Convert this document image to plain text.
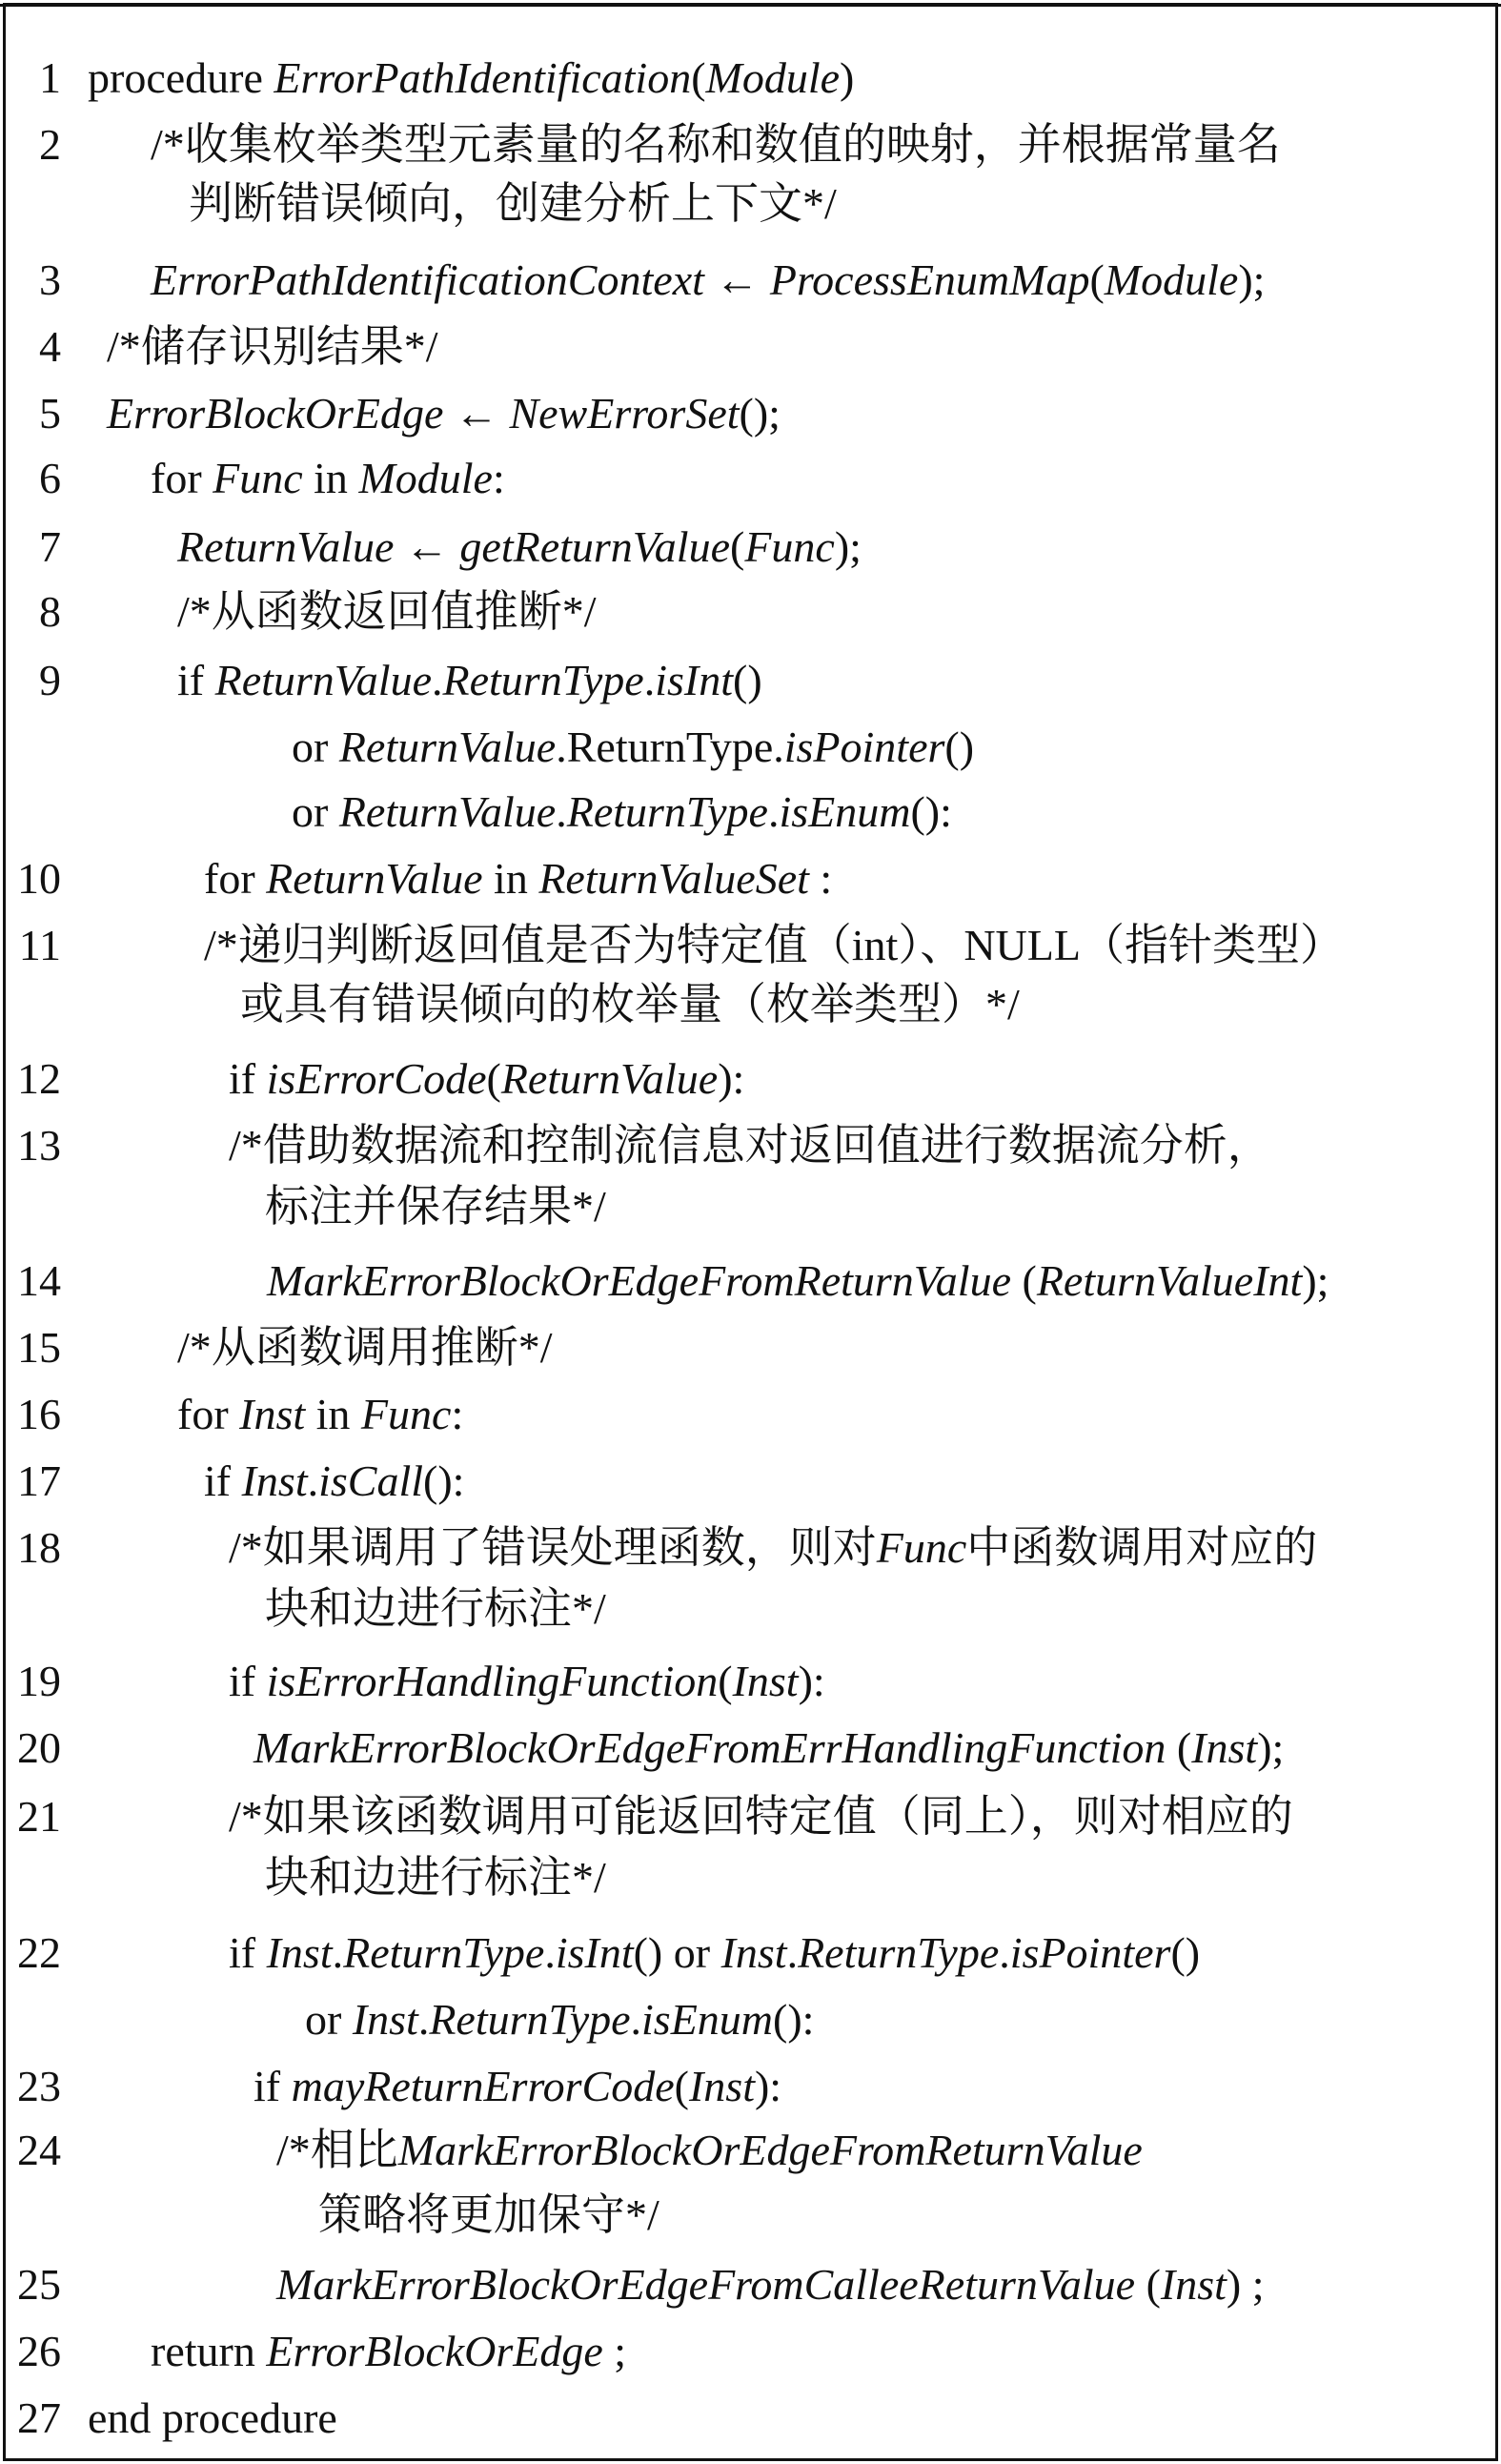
1 procedure ErrorPathIdentification(Module)
2 /*收集枚举类型元素量的名称和数值的映射，并根据常量名
判断错误倾向，创建分析上下文*/
3 ErrorPathIdentificationContext ← ProcessEnumMap(Module);
4 /*储存识别结果*/
5 ErrorBlockOrEdge ← NewErrorSet();
6 for Func in Module:
7	ReturnValue ← getReturnValue(Func);
8	/*从函数返回值推断*/
9	if ReturnValue.ReturnType.isInt()
or ReturnValue.ReturnType.isPointer()
or ReturnValue.ReturnType.isEnum():
10	for ReturnValue in ReturnValueSet :
11	/*递归判断返回值是否为特定值（int）、NULL（指针类型）
或具有错误倾向的枚举量（枚举类型）*/
12	if isErrorCode(ReturnValue):
13	/*借助数据流和控制流信息对返回值进行数据流分析，
标注并保存结果*/
14	MarkErrorBlockOrEdgeFromReturnValue (ReturnValueInt);
15	/*从函数调用推断*/
16	for Inst in Func:
17	if Inst.isCall():
18	/*如果调用了错误处理函数，则对Func中函数调用对应的
块和边进行标注*/
19	if isErrorHandlingFunction(Inst):
20	MarkErrorBlockOrEdgeFromErrHandlingFunction (Inst);
21	/*如果该函数调用可能返回特定值（同上），则对相应的
块和边进行标注*/
22	if Inst.ReturnType.isInt() or Inst.ReturnType.isPointer()
or Inst.ReturnType.isEnum():
23	if mayReturnErrorCode(Inst):
24	/*相比MarkErrorBlockOrEdgeFromReturnValue
策略将更加保守*/
25	MarkErrorBlockOrEdgeFromCalleeReturnValue (Inst) ;
26 return ErrorBlockOrEdge ;
27 end procedure
